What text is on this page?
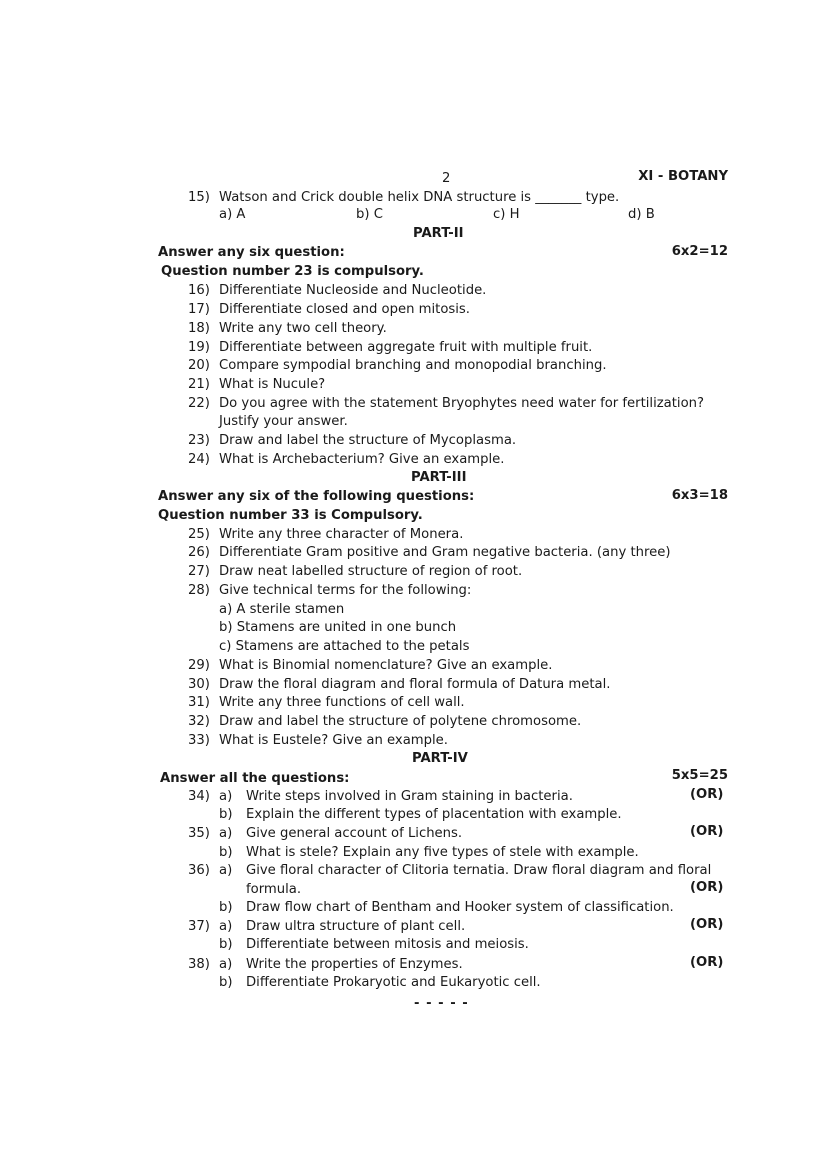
2	XI - BOTANY
15) Watson and Crick double helix DNA structure is _______ type.
a) A	b) C	c) H	d) B
PART-II
Answer any six question:	6x2=12
Question number 23 is compulsory.
16) Differentiate Nucleoside and Nucleotide.
17) Differentiate closed and open mitosis.
18) Write any two cell theory.
19) Differentiate between aggregate fruit with multiple fruit.
20) Compare sympodial branching and monopodial branching.
21) What is Nucule?
22) Do you agree with the statement Bryophytes need water for fertilization?
Justify your answer.
23) Draw and label the structure of Mycoplasma.
24) What is Archebacterium? Give an example.
PART-III
Answer any six of the following questions:	6x3=18
Question number 33 is Compulsory.
25) Write any three character of Monera.
26) Differentiate Gram positive and Gram negative bacteria. (any three)
27) Draw neat labelled structure of region of root.
28) Give technical terms for the following:
a) A sterile stamen
b) Stamens are united in one bunch
c) Stamens are attached to the petals
29) What is Binomial nomenclature? Give an example.
30) Draw the floral diagram and floral formula of Datura metal.
31) Write any three functions of cell wall.
32) Draw and label the structure of polytene chromosome.
33) What is Eustele? Give an example.
PART-IV
Answer all the questions:	5x5=25
34) a) Write steps involved in Gram staining in bacteria.	(OR)
b) Explain the different types of placentation with example.
35) a) Give general account of Lichens.	(OR)
b) What is stele? Explain any five types of stele with example.
36) a) Give floral character of Clitoria ternatia. Draw floral diagram and floral
formula.	(OR)
b) Draw flow chart of Bentham and Hooker system of classification.
37) a) Draw ultra structure of plant cell.	(OR)
b) Differentiate between mitosis and meiosis.
38) a) Write the properties of Enzymes.	(OR)
b) Differentiate Prokaryotic and Eukaryotic cell.
- - - - -
